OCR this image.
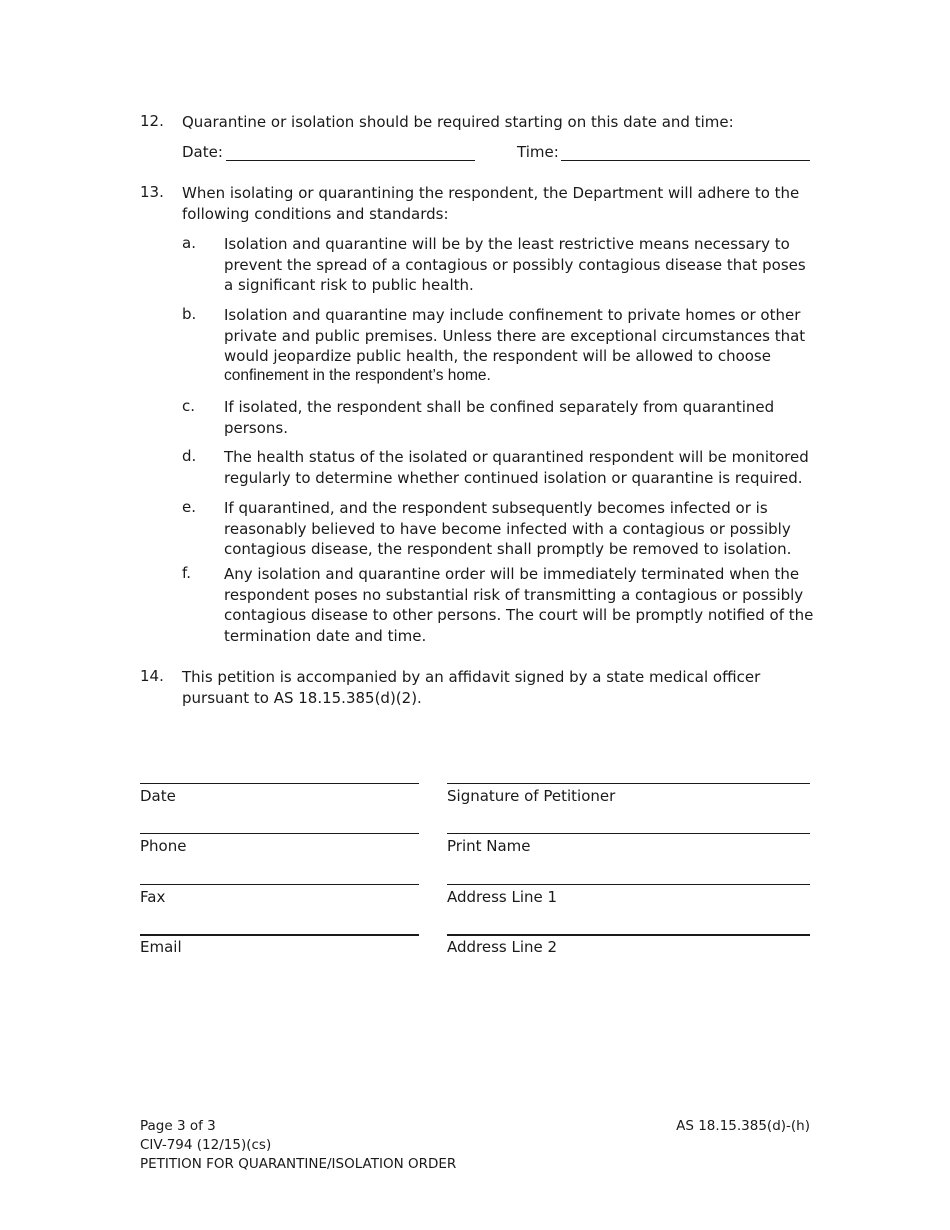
12. Quarantine or isolation should be required starting on this date and time:
Date:	Time:
13. When isolating or quarantining the respondent, the Department will adhere to the following conditions and standards:
a. Isolation and quarantine will be by the least restrictive means necessary to prevent the spread of a contagious or possibly contagious disease that poses a significant risk to public health.
b. Isolation and quarantine may include confinement to private homes or other private and public premises. Unless there are exceptional circumstances that would jeopardize public health, the respondent will be allowed to choose
confinement in the respondent’s home.
c. If isolated, the respondent shall be confined separately from quarantined persons.
d. The health status of the isolated or quarantined respondent will be monitored regularly to determine whether continued isolation or quarantine is required.
e. If quarantined, and the respondent subsequently becomes infected or is reasonably believed to have become infected with a contagious or possibly contagious disease, the respondent shall promptly be removed to isolation.
f. Any isolation and quarantine order will be immediately terminated when the respondent poses no substantial risk of transmitting a contagious or possibly contagious disease to other persons. The court will be promptly notified of the termination date and time.
14. This petition is accompanied by an affidavit signed by a state medical officer pursuant to AS 18.15.385(d)(2).
Date	Signature of Petitioner
Phone	Print Name
Fax	Address Line 1
Email	Address Line 2
Page 3 of 3
CIV-794 (12/15)(cs)
PETITION FOR QUARANTINE/ISOLATION ORDER
AS 18.15.385(d)-(h)
